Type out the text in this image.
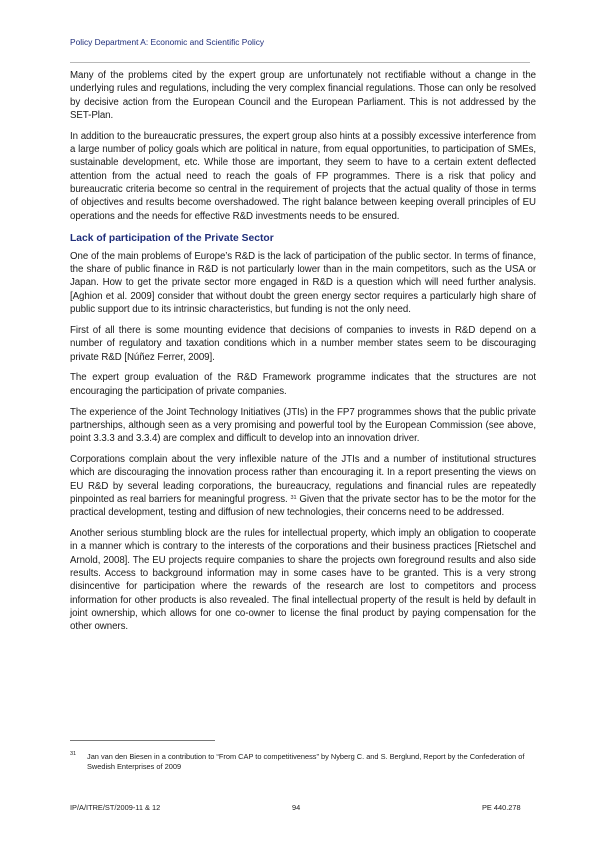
Policy Department A: Economic and Scientific Policy

Many of the problems cited by the expert group are unfortunately not rectifiable without a change in the underlying rules and regulations, including the very complex financial regulations. Those can only be resolved by decisive action from the European Council and the European Parliament. This is not addressed by the SET-Plan.

In addition to the bureaucratic pressures, the expert group also hints at a possibly excessive interference from a large number of policy goals which are political in nature, from equal opportunities, to participation of SMEs, sustainable development, etc. While those are important, they seem to have to a certain extent deflected attention from the actual need to reach the goals of FP programmes. There is a risk that policy and bureaucratic criteria become so central in the requirement of projects that the actual quality of those in terms of objectives and results become overshadowed. The right balance between keeping overall principles of EU operations and the needs for effective R&D investments needs to be ensured.

Lack of participation of the Private Sector

One of the main problems of Europe’s R&D is the lack of participation of the public sector. In terms of finance, the share of public finance in R&D is not particularly lower than in the main competitors, such as the USA or Japan. How to get the private sector more engaged in R&D is a question which will need further analysis. [Aghion et al. 2009] consider that without doubt the green energy sector requires a particularly high share of public support due to its intrinsic characteristics, but funding is not the only need.

First of all there is some mounting evidence that decisions of companies to invests in R&D depend on a number of regulatory and taxation conditions which in a number member states seem to be discouraging private R&D [Núñez Ferrer, 2009].

The expert group evaluation of the R&D Framework programme indicates that the structures are not encouraging the participation of private companies.

The experience of the Joint Technology Initiatives (JTIs) in the FP7 programmes shows that the public private partnerships, although seen as a very promising and powerful tool by the European Commission (see above, point 3.3.3 and 3.3.4) are complex and difficult to develop into an innovation driver.

Corporations complain about the very inflexible nature of the JTIs and a number of institutional structures which are discouraging the innovation process rather than encouraging it. In a report presenting the views on EU R&D by several leading corporations, the bureaucracy, regulations and financial rules are repeatedly pinpointed as real barriers for meaningful progress. $^{31}$ Given that the private sector has to be the motor for the practical development, testing and diffusion of new technologies, their concerns need to be addressed.

Another serious stumbling block are the rules for intellectual property, which imply an obligation to cooperate in a manner which is contrary to the interests of the corporations and their business practices [Rietschel and Arnold, 2008]. The EU projects require companies to share the projects own foreground results and also side results. Access to background information may in some cases have to be granted. This is a very strong disincentive for participation where the rewards of the research are lost to competitors and process information for other products is also revealed. The final intellectual property of the result is held by default in joint ownership, which allows for one co-owner to license the final product by paying compensation for the other owners.

31	Jan van den Biesen in a contribution to “From CAP to competitiveness” by Nyberg C. and S. Berglund, Report by the Confederation of Swedish Enterprises of 2009
IP/A/ITRE/ST/2009-11 & 12	94	PE 440.278
